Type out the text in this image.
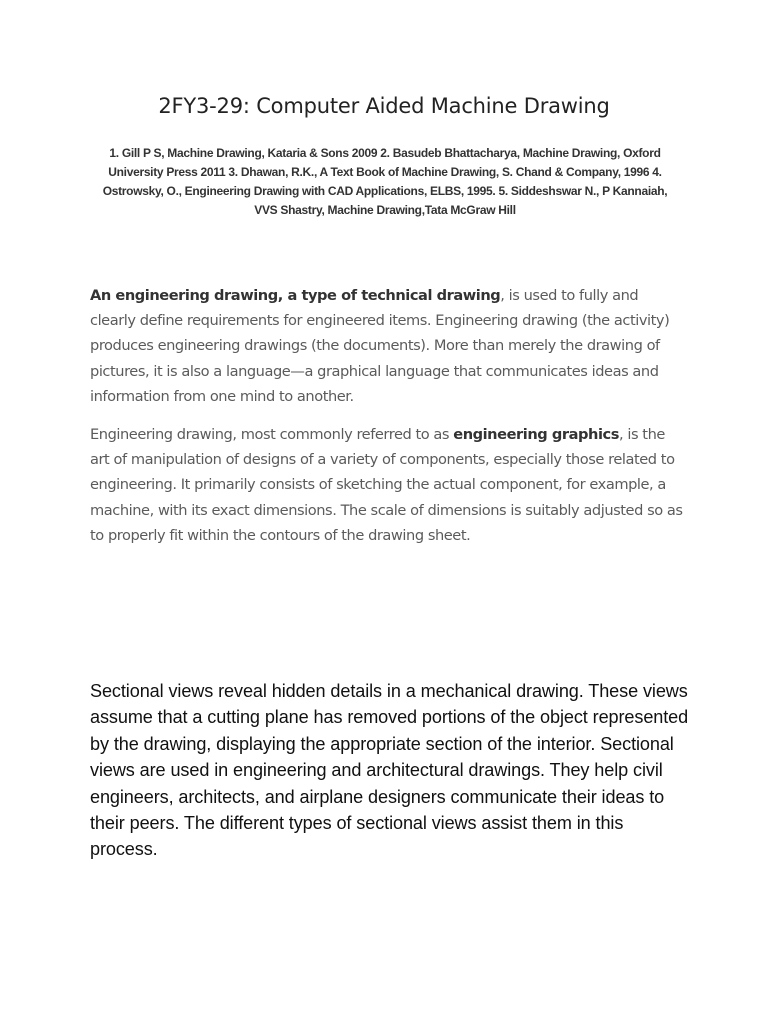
2FY3-29: Computer Aided Machine Drawing

1. Gill P S, Machine Drawing, Kataria & Sons 2009 2. Basudeb Bhattacharya, Machine Drawing, Oxford University Press 2011 3. Dhawan, R.K., A Text Book of Machine Drawing, S. Chand & Company, 1996 4. Ostrowsky, O., Engineering Drawing with CAD Applications, ELBS, 1995. 5. Siddeshswar N., P Kannaiah, VVS Shastry, Machine Drawing,Tata McGraw Hill

An engineering drawing, a type of technical drawing, is used to fully and clearly define requirements for engineered items. Engineering drawing (the activity) produces engineering drawings (the documents). More than merely the drawing of pictures, it is also a language—a graphical language that communicates ideas and information from one mind to another.

Engineering drawing, most commonly referred to as engineering graphics, is the art of manipulation of designs of a variety of components, especially those related to engineering. It primarily consists of sketching the actual component, for example, a machine, with its exact dimensions. The scale of dimensions is suitably adjusted so as to properly fit within the contours of the drawing sheet.

Sectional views reveal hidden details in a mechanical drawing. These views assume that a cutting plane has removed portions of the object represented by the drawing, displaying the appropriate section of the interior. Sectional views are used in engineering and architectural drawings. They help civil engineers, architects, and airplane designers communicate their ideas to their peers. The different types of sectional views assist them in this process.
